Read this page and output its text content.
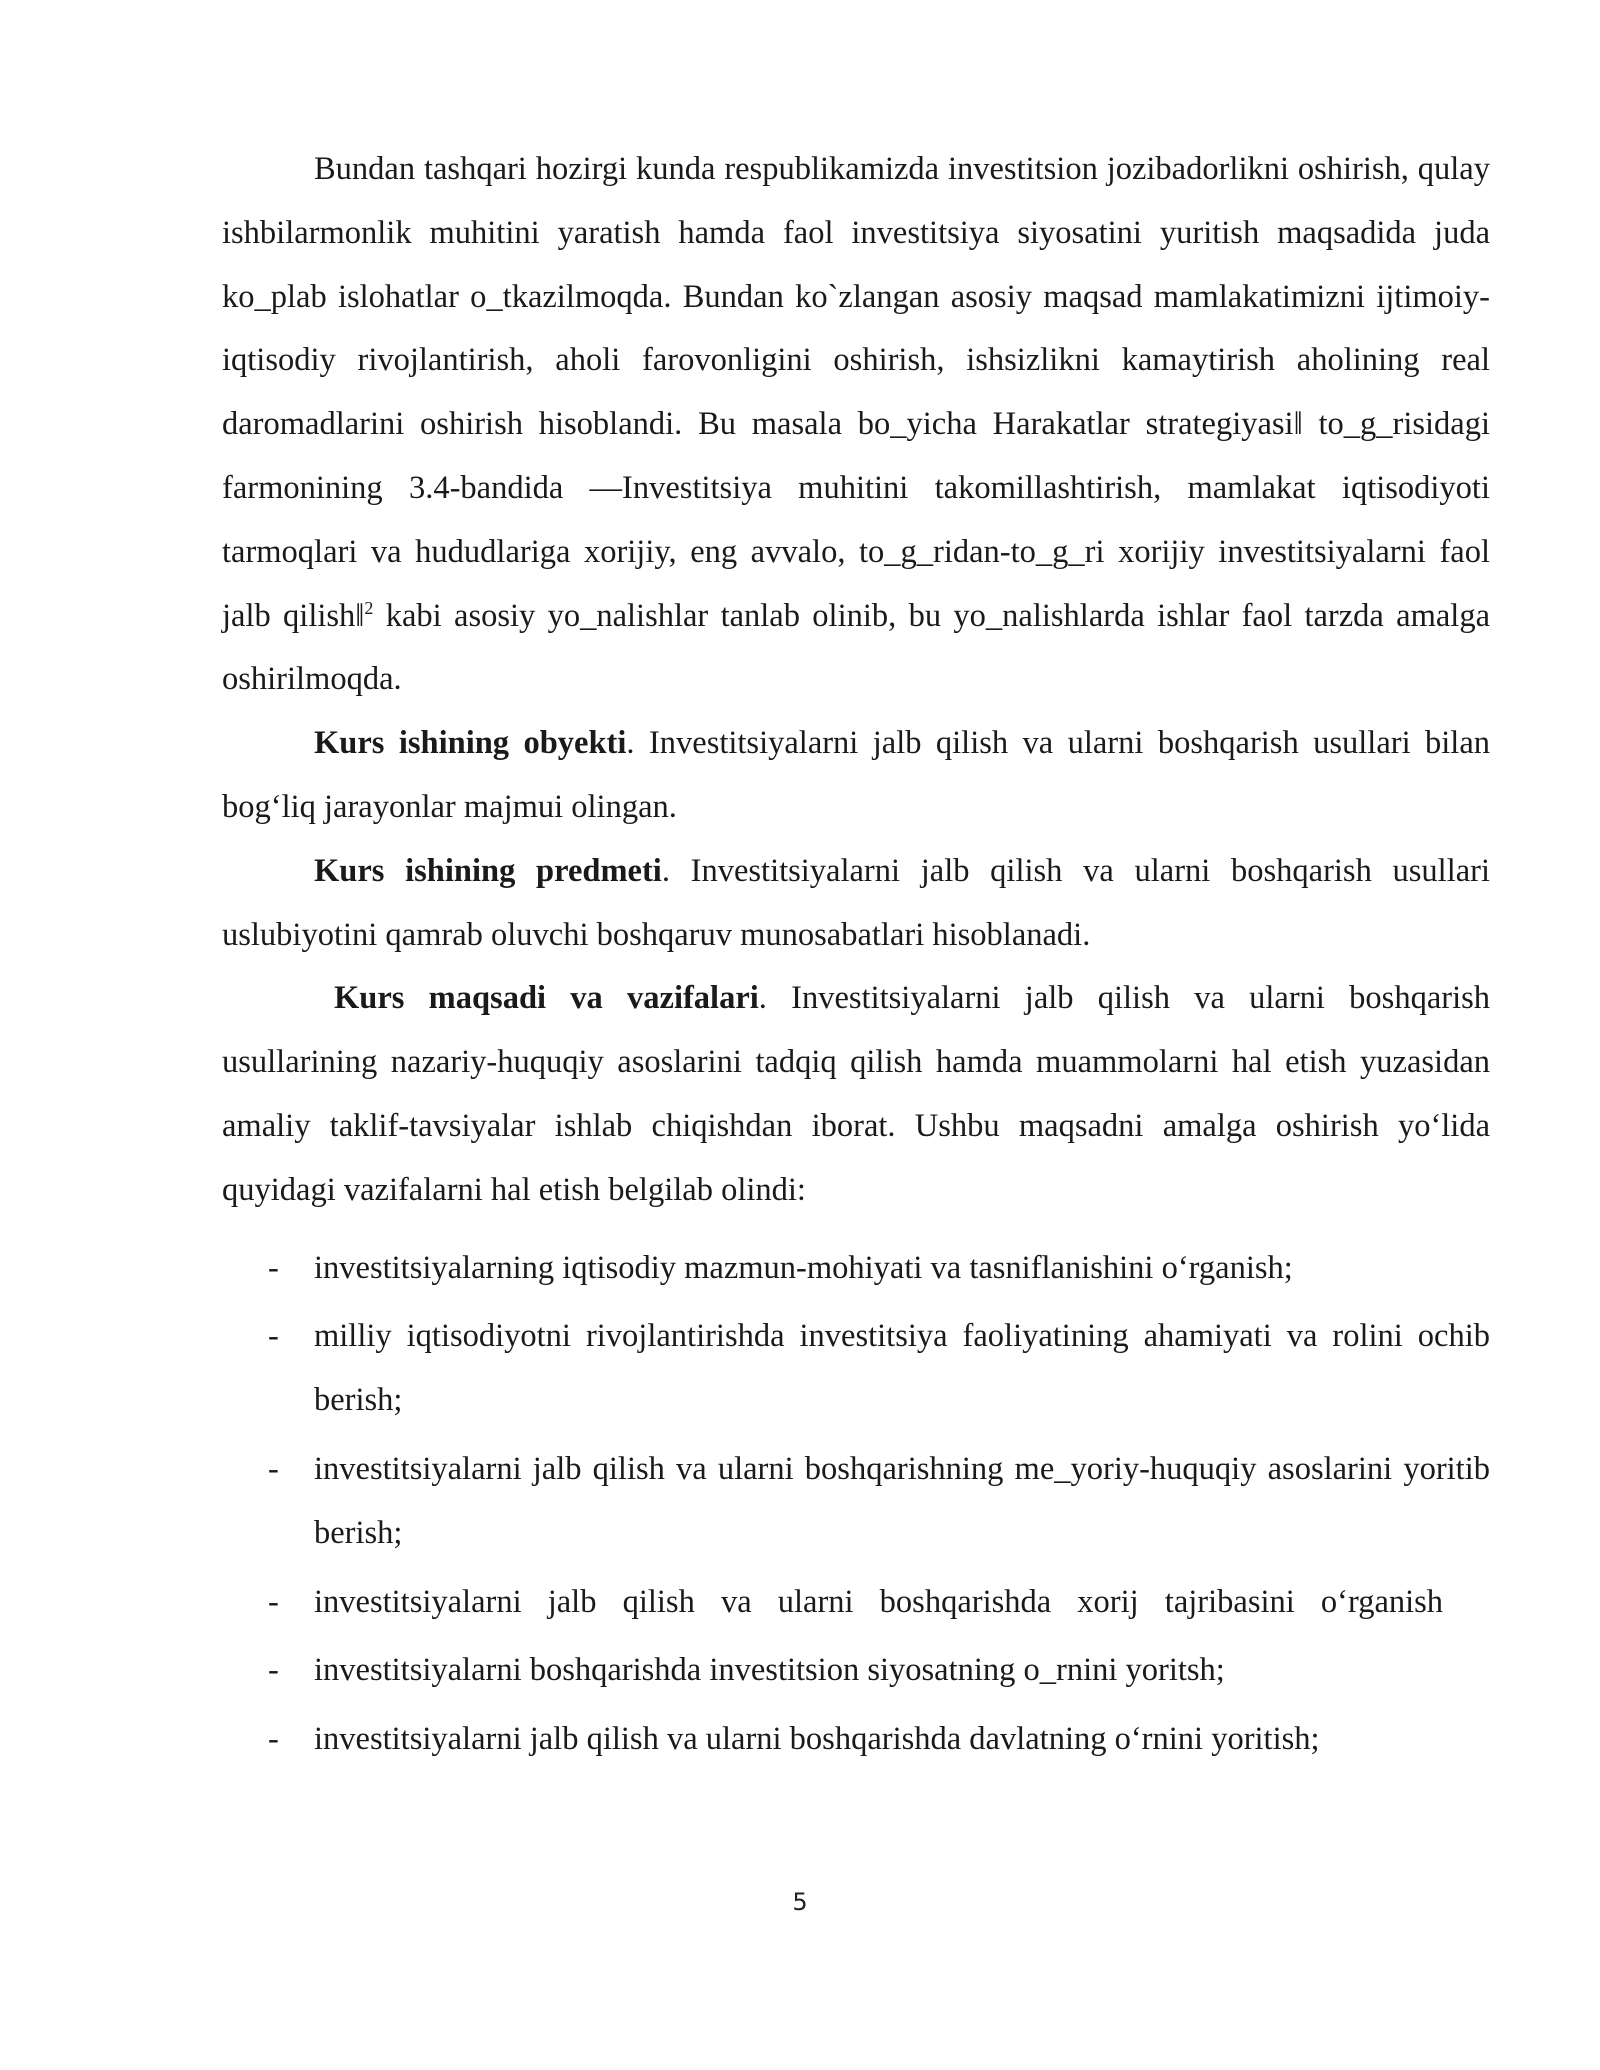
Bundan tashqari hozirgi kunda respublikamizda investitsion jozibadorlikni oshirish, qulay ishbilarmonlik muhitini yaratish hamda faol investitsiya siyosatini yuritish maqsadida juda ko_plab islohatlar o_tkazilmoqda. Bundan ko`zlangan asosiy maqsad mamlakatimizni ijtimoiy-iqtisodiy rivojlantirish, aholi farovonligini oshirish, ishsizlikni kamaytirish aholining real daromadlarini oshirish hisoblandi. Bu masala bo_yicha Harakatlar strategiyasi‖ to_g_risidagi farmonining 3.4-bandida ―Investitsiya muhitini takomillashtirish, mamlakat iqtisodiyoti tarmoqlari va hududlariga xorijiy, eng avvalo, to_g_ridan-to_g_ri xorijiy investitsiyalarni faol jalb qilish‖$^2$ kabi asosiy yo_nalishlar tanlab olinib, bu yo_nalishlarda ishlar faol tarzda amalga oshirilmoqda.

Kurs ishining obyekti. Investitsiyalarni jalb qilish va ularni boshqarish usullari bilan bog‘liq jarayonlar majmui olingan.

Kurs ishining predmeti. Investitsiyalarni jalb qilish va ularni boshqarish usullari uslubiyotini qamrab oluvchi boshqaruv munosabatlari hisoblanadi.

Kurs maqsadi va vazifalari. Investitsiyalarni jalb qilish va ularni boshqarish usullarining nazariy-huquqiy asoslarini tadqiq qilish hamda muammolarni hal etish yuzasidan amaliy taklif-tavsiyalar ishlab chiqishdan iborat. Ushbu maqsadni amalga oshirish yo‘lida quyidagi vazifalarni hal etish belgilab olindi:

- investitsiyalarning iqtisodiy mazmun-mohiyati va tasniflanishini o‘rganish;
- milliy iqtisodiyotni rivojlantirishda investitsiya faoliyatining ahamiyati va rolini ochib berish;
- investitsiyalarni jalb qilish va ularni boshqarishning me_yoriy-huquqiy asoslarini yoritib berish;
- investitsiyalarni jalb qilish va ularni boshqarishda xorij tajribasini o‘rganish
- investitsiyalarni boshqarishda investitsion siyosatning o_rnini yoritsh;
- investitsiyalarni jalb qilish va ularni boshqarishda davlatning o‘rnini yoritish;
5
